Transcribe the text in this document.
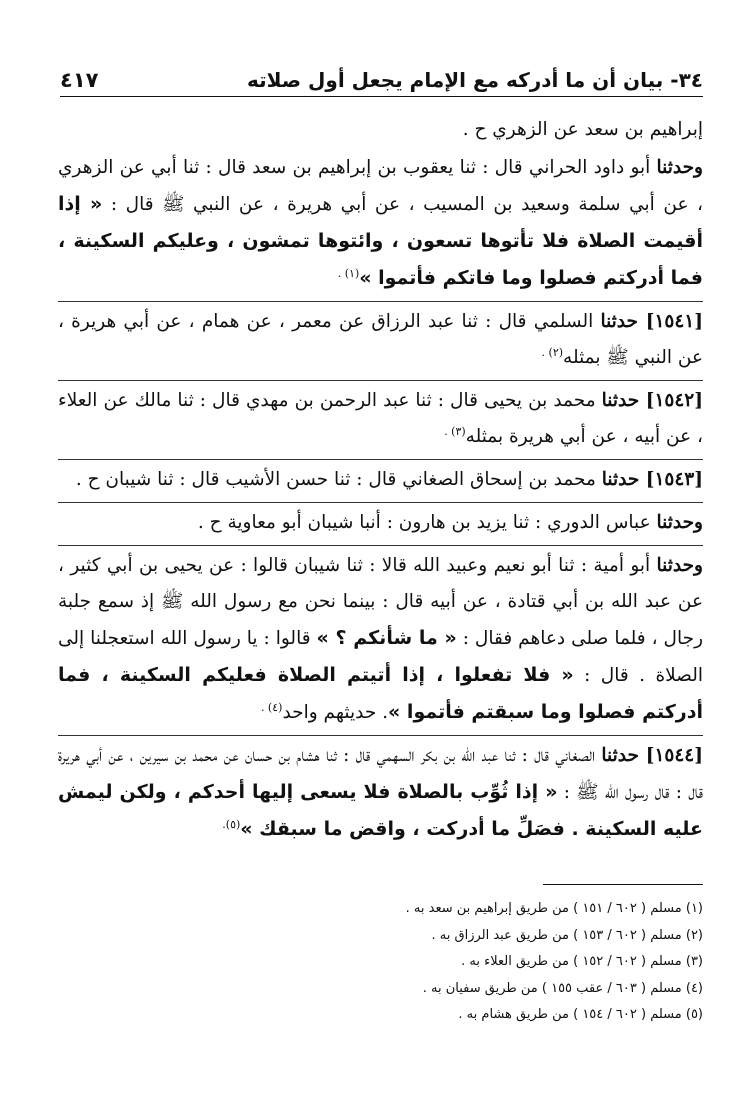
٤١٧	٣٤- بيان أن ما أدركه مع الإمام يجعل أول صلاته

إبراهيم بن سعد عن الزهري ح .

وحدثنا أبو داود الحراني قال : ثنا يعقوب بن إبراهيم بن سعد قال : ثنا أبي عن الزهري ، عن أبي سلمة وسعيد بن المسيب ، عن أبي هريرة ، عن النبي ﷺ قال : « إذا أقيمت الصلاة فلا تأتوها تسعون ، وائتوها تمشون ، وعليكم السكينة ، فما أدركتم فصلوا وما فاتكم فأتموا »$^{(١) .}$

[١٥٤١] حدثنا السلمي قال : ثنا عبد الرزاق عن معمر ، عن همام ، عن أبي هريرة ، عن النبي ﷺ بمثله$^{(٢) .}$

[١٥٤٢] حدثنا محمد بن يحيى قال : ثنا عبد الرحمن بن مهدي قال : ثنا مالك عن العلاء ، عن أبيه ، عن أبي هريرة بمثله$^{(٣) .}$

[١٥٤٣] حدثنا محمد بن إسحاق الصغاني قال : ثنا حسن الأشيب قال : ثنا شيبان ح .

وحدثنا عباس الدوري : ثنا يزيد بن هارون : أنبا شيبان أبو معاوية ح .

وحدثنا أبو أمية : ثنا أبو نعيم وعبيد الله قالا : ثنا شيبان قالوا : عن يحيى بن أبي كثير ، عن عبد الله بن أبي قتادة ، عن أبيه قال : بينما نحن مع رسول الله ﷺ إذ سمع جلبة رجال ، فلما صلى دعاهم فقال : « ما شأنكم ؟ » قالوا : يا رسول الله استعجلنا إلى الصلاة . قال : « فلا تفعلوا ، إذا أتيتم الصلاة فعليكم السكينة ، فما أدركتم فصلوا وما سبقتم فأتموا ». حديثهم واحد$^{(٤) .}$

[١٥٤٤] حدثنا الصغاني قال : ثنا عبد الله بن بكر السهمي قال : ثنا هشام بن حسان عن محمد بن سيرين ، عن أبي هريرة قال : قال رسول الله ﷺ : « إذا ثُوِّب بالصلاة فلا يسعى إليها أحدكم ، ولكن ليمش عليه السكينة . فصَلِّ ما أدركت ، واقض ما سبقك »$^{(٥).}$

(١) مسلم ( ٦٠٢ / ١٥١ ) من طريق إبراهيم بن سعد به .
(٢) مسلم ( ٦٠٢ / ١٥٣ ) من طريق عبد الرزاق به .
(٣) مسلم ( ٦٠٢ / ١٥٢ ) من طريق العلاء به .
(٤) مسلم ( ٦٠٣ / عقب ١٥٥ ) من طريق سفيان به .
(٥) مسلم ( ٦٠٢ / ١٥٤ ) من طريق هشام به .
